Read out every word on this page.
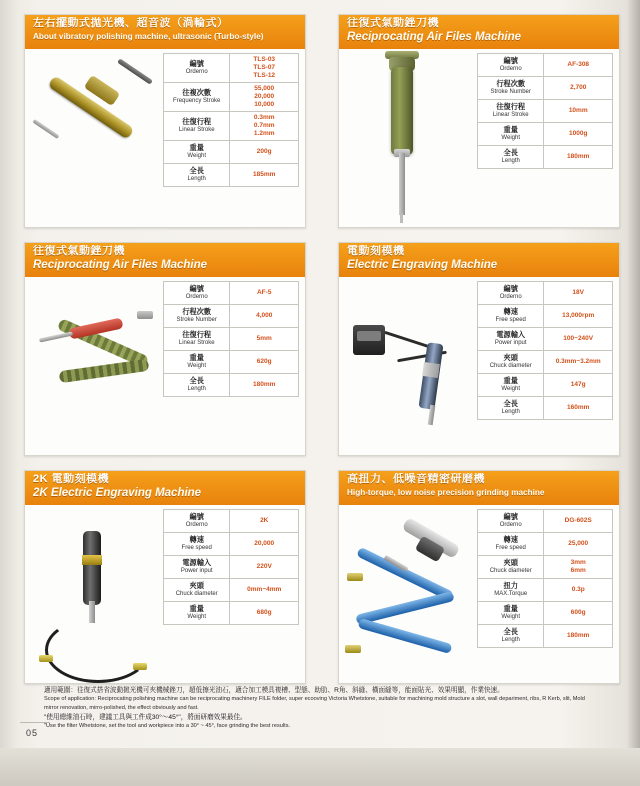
左右擺動式拋光機、超音波（渦輪式）
About vibratory polishing machine, ultrasonic (Turbo-style)
編號
Orderno	TLS-03
TLS-07
TLS-12

往複次數
Frequency Stroke	55,000
20,000
10,000

往復行程
Linear Stroke	0.3mm
0.7mm
1.2mm

重量
Weight	200g

全長
Length	185mm
往復式氣動銼刀機
Reciprocating Air Files Machine
編號
Orderno	AF-308

行程次數
Stroke Number	2,700

往復行程
Linear Stroke	10mm

重量
Weight	1000g

全長
Length	180mm
往復式氣動銼刀機
Reciprocating Air Files Machine
編號
Orderno	AF-5

行程次數
Stroke Number	4,000

往復行程
Linear Stroke	5mm

重量
Weight	620g

全長
Length	180mm
電動刻模機
Electric Engraving Machine
編號
Orderno	18V

轉速
Free speed	13,000rpm

電源輸入
Power input	100~240V

夾頭
Chuck diameter	0.3mm~3.2mm

重量
Weight	147g

全長
Length	160mm
2K 電動刻模機
2K Electric Engraving Machine
編號
Orderno	2K

轉速
Free speed	20,000

電源輸入
Power input	220V

夾頭
Chuck diameter	0mm~4mm

重量
Weight	680g
高扭力、低噪音精密研磨機
High-torque, low noise precision grinding machine
編號
Orderno	DG-602S

轉速
Free speed	25,000

夾頭
Chuck diameter	3mm
6mm

扭力
MAX.Torque	0.3p

重量
Weight	600g

全長
Length	180mm
適用範圍：往復式搭省波動拋光機可夾機械銼刀，超低擦光油石，適合加工模具複槽、型態、助肋、R角、斜縫、橫面縫等，能面貼光、效果明顯，作業快速。
Scope of application: Reciprocating polishing machine can be reciprocating machinery FILE folder, super ecooving Victoria Whetstone, suitable for machining mold structure a slot, wall depariment, ribs, R Kerb, slit, Mold mirror renovation, mirro-polished, the effect obviously and fast.
"使用總維油石時，建議工具與工件成30°～45°"，將面研磨效果最佳。
"Use the filter Whetstone, set the tool and workpiece into a 30° ~ 45°, face grinding the best results.
05
